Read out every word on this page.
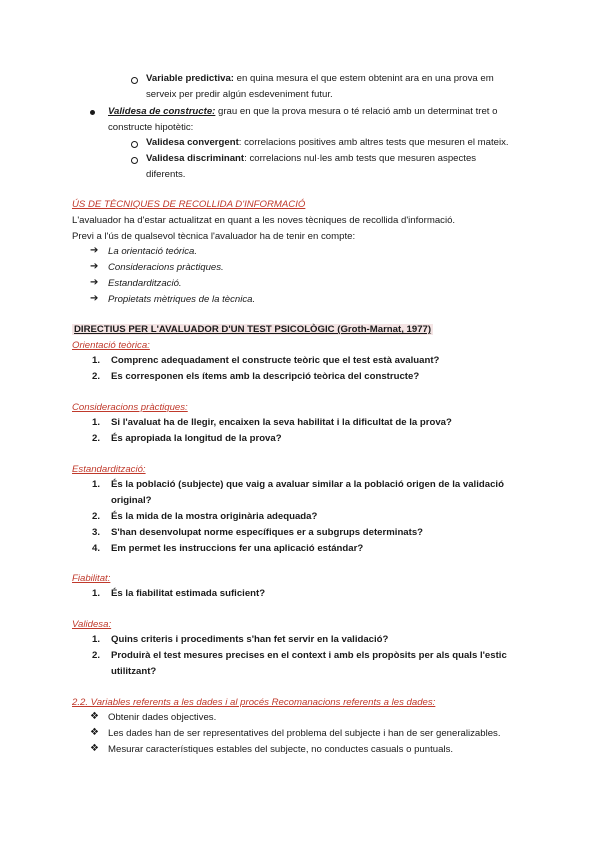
Variable predictiva: en quina mesura el que estem obtenint ara en una prova em
serveix per predir algún esdeveniment futur.
Validesa de constructe: grau en que la prova mesura o té relació amb un determinat tret o
constructe hipotètic:
Validesa convergent: correlacions positives amb altres tests que mesuren el mateix.
Validesa discriminant: correlacions nul·les amb tests que mesuren aspectes
diferents.
ÚS DE TÈCNIQUES DE RECOLLIDA D'INFORMACIÓ
L'avaluador ha d'estar actualitzat en quant a les noves tècniques de recollida d'informació.
Previ a l'ús de qualsevol tècnica l'avaluador ha de tenir en compte:
➔ La orientació teórica.
➔ Consideracions pràctiques.
➔ Estandardització.
➔ Propietats mètriques de la tècnica.
DIRECTIUS PER L'AVALUADOR D'UN TEST PSICOLÒGIC (Groth-Marnat, 1977)
Orientació teòrica:
1. Comprenc adequadament el constructe teòric que el test està avaluant?
2. Es corresponen els ítems amb la descripció teòrica del constructe?
Consideracions pràctiques:
1. Si l'avaluat ha de llegir, encaixen la seva habilitat i la dificultat de la prova?
2. És apropiada la longitud de la prova?
Estandardització:
1. És la població (subjecte) que vaig a avaluar similar a la població origen de la validació
original?
2. És la mida de la mostra originària adequada?
3. S'han desenvolupat norme específiques er a subgrups determinats?
4. Em permet les instruccions fer una aplicació estándar?
Fiabilitat:
1. És la fiabilitat estimada suficient?
Validesa:
1. Quins criteris i procediments s'han fet servir en la validació?
2. Produirà el test mesures precises en el context i amb els propòsits per als quals l'estic
utilitzant?
2.2. Variables referents a les dades i al procés Recomanacions referents a les dades:
❖ Obtenir dades objectives.
❖ Les dades han de ser representatives del problema del subjecte i han de ser generalizables.
❖ Mesurar característiques estables del subjecte, no conductes casuals o puntuals.
